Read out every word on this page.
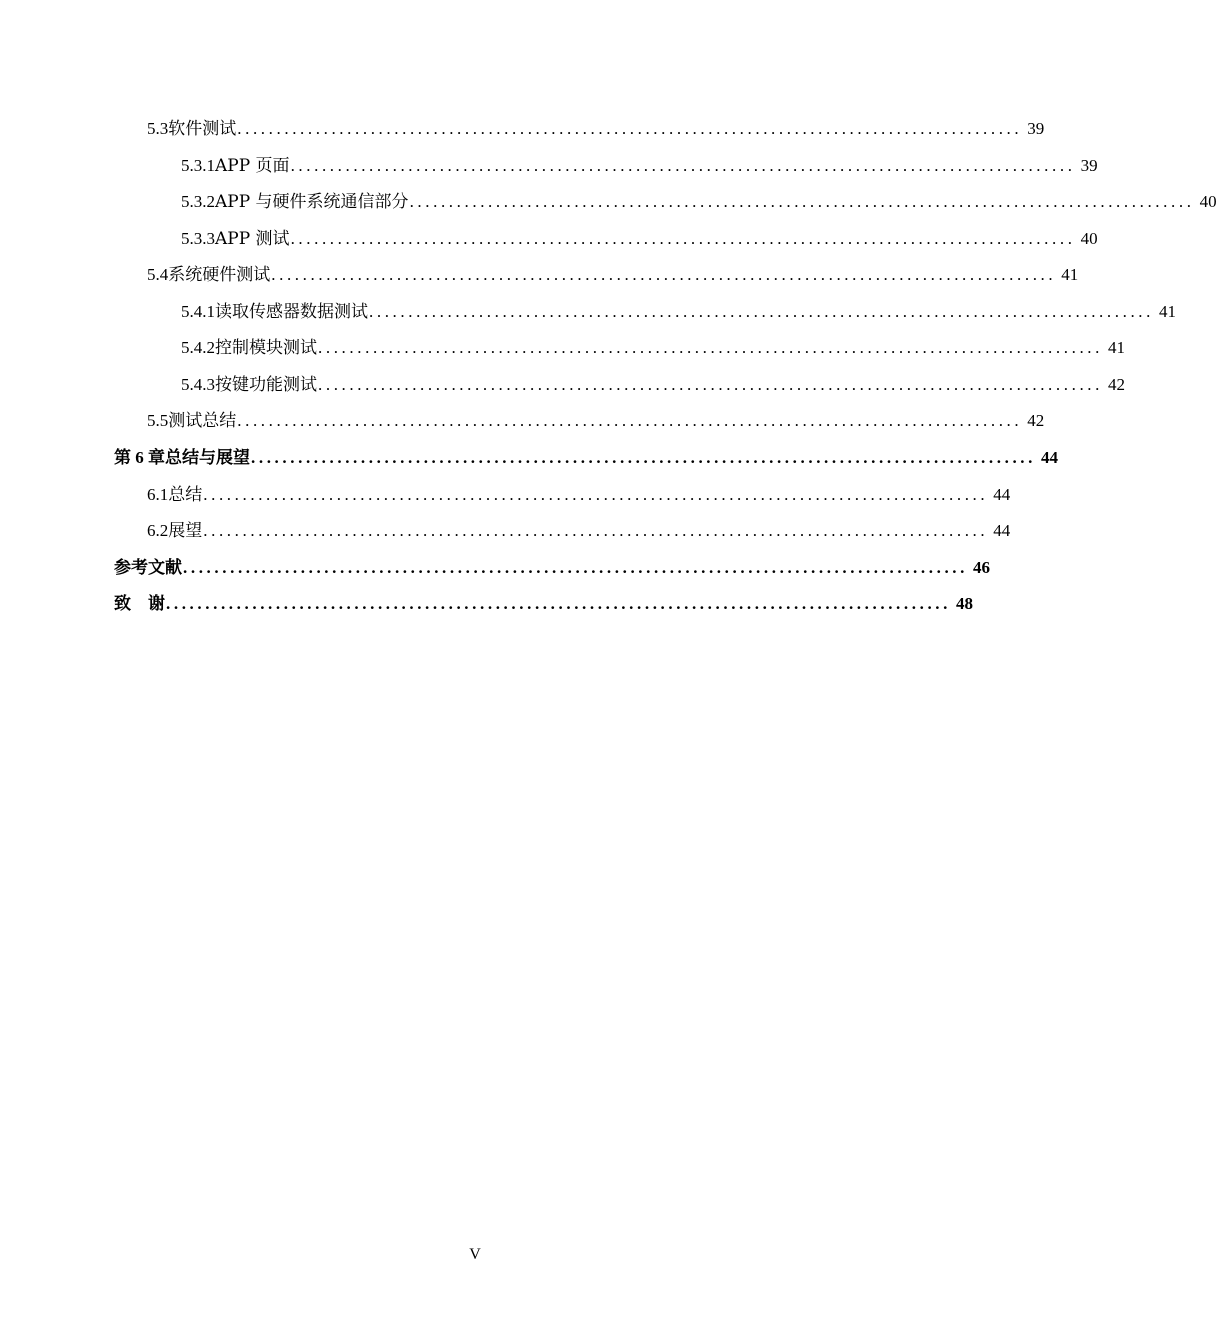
5.3 软件测试 .................................................................................................... 39
5.3.1 APP 页面 .................................................................................................... 39
5.3.2 APP 与硬件系统通信部分 .................................................................................................... 40
5.3.3 APP 测试 .................................................................................................... 40
5.4 系统硬件测试 .................................................................................................... 41
5.4.1 读取传感器数据测试 .................................................................................................... 41
5.4.2 控制模块测试 .................................................................................................... 41
5.4.3 按键功能测试 .................................................................................................... 42
5.5 测试总结 .................................................................................................... 42
第 6 章 总结与展望 .................................................................................................... 44
6.1 总结 .................................................................................................... 44
6.2 展望 .................................................................................................... 44
参考文献 .................................................................................................... 46
致　谢 .................................................................................................... 48
V
